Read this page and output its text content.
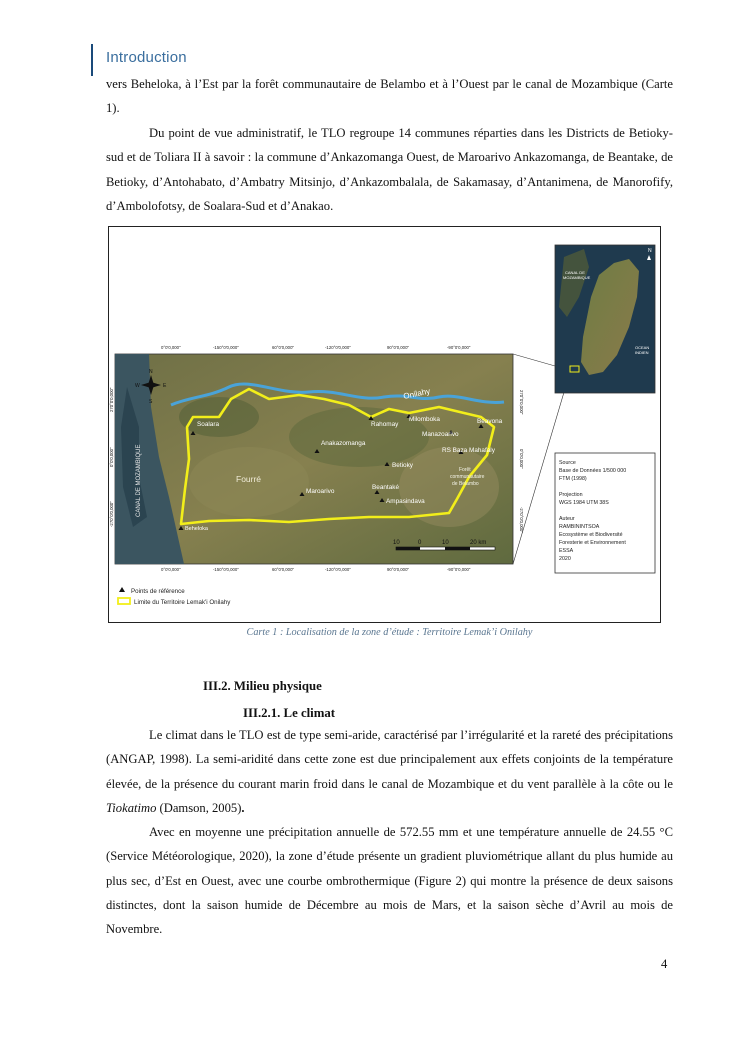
Introduction
vers Beheloka, à l’Est par la forêt communautaire de Belambo et à l’Ouest par le canal de Mozambique (Carte 1).
Du point de vue administratif, le TLO regroupe 14 communes réparties dans les Districts de Betioky-sud et de Toliara II à savoir : la commune d’Ankazomanga Ouest, de Maroarivo Ankazomanga, de Beantake, de Betioky, d’Antohabato, d’Ambatry Mitsinjo, d’Ankazombalala, de Sakamasay, d’Antanimena, de Manorofify, d’Ambolofotsy, de Soalara-Sud et d’Anakao.
0°0'0,000"	-150°0'0,000"	60°0'0,000"	-120°0'0,000"	90°0'0,000"	-90°0'0,000"
0°0'0,000"	-150°0'0,000"	60°0'0,000"	-120°0'0,000"	90°0'0,000"	-90°0'0,000"
270°0'0,000"
0°0'0,000"
-270°0'0,000"
270°0'0,000"
0°0'0,000"
-270°0'0,000"
N
S
E
W
CANAL DE MOZAMBIQUE
Onilahy
Fourré
Soalara
Anakazomanga
Rahomay
Milomboka
Manazoarivo
Beavona
RS Baza Mahafaly
Betioky
Beantaké
Maroarivo
Ampasindava
Beheloka
Forêt
communautaire
de Belambo
10	0	10	20 km
N
CANAL DE
MOZAMBIQUE
OCEAN
INDIEN
Source
Base de Données 1/500 000
FTM (1998)
Projection
WGS 1984 UTM 38S
Auteur
RAMBININTSOA
Ecosystème et Biodiversité
Foresterie et Environnement
ESSA
2020
Points de référence
Limite du Territoire Lemak'i Onilahy
Carte 1 : Localisation de la zone d’étude : Territoire Lemak’i Onilahy
III.2. Milieu physique
III.2.1. Le climat
Le climat dans le TLO est de type semi-aride, caractérisé par l’irrégularité et la rareté des précipitations (ANGAP, 1998). La semi-aridité dans cette zone est due principalement aux effets conjoints de la température élevée, de la présence du courant marin froid dans le canal de Mozambique et du vent parallèle à la côte ou le Tiokatimo (Damson, 2005).
Avec en moyenne une précipitation annuelle de 572.55 mm et une température annuelle de 24.55 °C (Service Météorologique, 2020), la zone d’étude présente un gradient pluviométrique allant du plus humide au plus sec, d’Est en Ouest, avec une courbe ombrothermique (Figure 2) qui montre la présence de deux saisons distinctes, dont la saison humide de Décembre au mois de Mars, et la saison sèche d’Avril au mois de Novembre.
4
